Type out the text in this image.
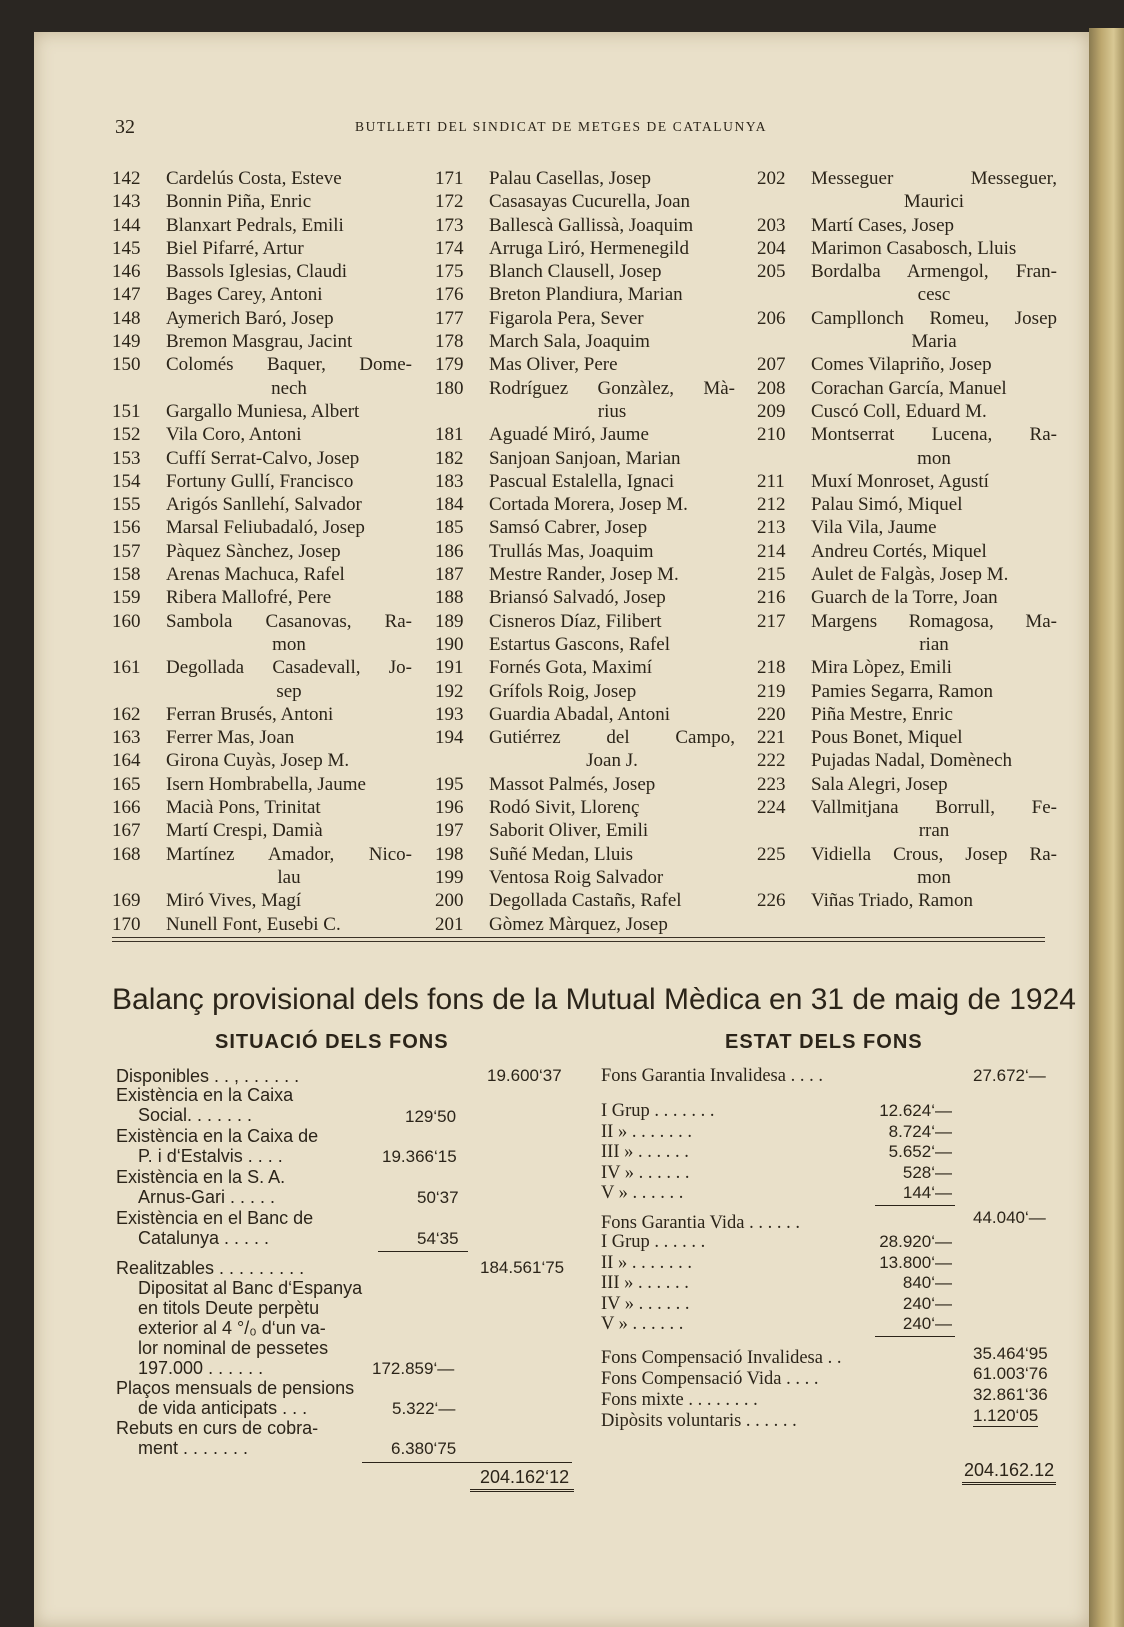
32	BUTLLETI DEL SINDICAT DE METGES DE CATALUNYA
142	Cardelús Costa, Esteve
143	Bonnin Piña, Enric
144	Blanxart Pedrals, Emili
145	Biel Pifarré, Artur
146	Bassols Iglesias, Claudi
147	Bages Carey, Antoni
148	Aymerich Baró, Josep
149	Bremon Masgrau, Jacint
150	Colomés Baquer, Dome-
nech
151	Gargallo Muniesa, Albert
152	Vila Coro, Antoni
153	Cuffí Serrat-Calvo, Josep
154	Fortuny Gullí, Francisco
155	Arigós Sanllehí, Salvador
156	Marsal Feliubadaló, Josep
157	Pàquez Sànchez, Josep
158	Arenas Machuca, Rafel
159	Ribera Mallofré, Pere
160	Sambola Casanovas, Ra-
mon
161	Degollada Casadevall, Jo-
sep
162	Ferran Brusés, Antoni
163	Ferrer Mas, Joan
164	Girona Cuyàs, Josep M.
165	Isern Hombrabella, Jaume
166	Macià Pons, Trinitat
167	Martí Crespi, Damià
168	Martínez Amador, Nico-
lau
169	Miró Vives, Magí
170	Nunell Font, Eusebi C.
171	Palau Casellas, Josep
172	Casasayas Cucurella, Joan
173	Ballescà Gallissà, Joaquim
174	Arruga Liró, Hermenegild
175	Blanch Clausell, Josep
176	Breton Plandiura, Marian
177	Figarola Pera, Sever
178	March Sala, Joaquim
179	Mas Oliver, Pere
180	Rodríguez Gonzàlez, Mà-
rius
181	Aguadé Miró, Jaume
182	Sanjoan Sanjoan, Marian
183	Pascual Estalella, Ignaci
184	Cortada Morera, Josep M.
185	Samsó Cabrer, Josep
186	Trullás Mas, Joaquim
187	Mestre Rander, Josep M.
188	Briansó Salvadó, Josep
189	Cisneros Díaz, Filibert
190	Estartus Gascons, Rafel
191	Fornés Gota, Maximí
192	Grífols Roig, Josep
193	Guardia Abadal, Antoni
194	Gutiérrez del Campo,
Joan J.
195	Massot Palmés, Josep
196	Rodó Sivit, Llorenç
197	Saborit Oliver, Emili
198	Suñé Medan, Lluis
199	Ventosa Roig Salvador
200	Degollada Castañs, Rafel
201	Gòmez Màrquez, Josep
202	Messeguer Messeguer,
Maurici
203	Martí Cases, Josep
204	Marimon Casabosch, Lluis
205	Bordalba Armengol, Fran-
cesc
206	Campllonch Romeu, Josep
Maria
207	Comes Vilapriño, Josep
208	Corachan García, Manuel
209	Cuscó Coll, Eduard M.
210	Montserrat Lucena, Ra-
mon
211	Muxí Monroset, Agustí
212	Palau Simó, Miquel
213	Vila Vila, Jaume
214	Andreu Cortés, Miquel
215	Aulet de Falgàs, Josep M.
216	Guarch de la Torre, Joan
217	Margens Romagosa, Ma-
rian
218	Mira Lòpez, Emili
219	Pamies Segarra, Ramon
220	Piña Mestre, Enric
221	Pous Bonet, Miquel
222	Pujadas Nadal, Domènech
223	Sala Alegri, Josep
224	Vallmitjana Borrull, Fe-
rran
225	Vidiella Crous, Josep Ra-
mon
226	Viñas Triado, Ramon
Balanç provisional dels fons de la Mutual Mèdica en 31 de maig de 1924
SITUACIÓ DELS FONS	ESTAT DELS FONS
Disponibles . . , . . . . . .	19.600‘37
Existència en la Caixa
Social. . . . . . .	129‘50
Existència en la Caixa de
P. i d‘Estalvis . . . .	19.366‘15
Existència en la S. A.
Arnus-Gari . . . . .	50‘37
Existència en el Banc de
Catalunya . . . . .	54‘35
Realitzables . . . . . . . . .	184.561‘75
Dipositat al Banc d‘Espanya
en titols Deute perpètu
exterior al 4 °/₀ d‘un va-
lor nominal de pessetes
197.000 . . . . . .	172.859‘—
Plaços mensuals de pensions
de vida anticipats . . .	5.322‘—
Rebuts en curs de cobra-
ment . . . . . . .	6.380‘75
204.162‘12
Fons Garantia Invalidesa . . . .	27.672‘—
I Grup . . . . . . .	12.624‘—
II » . . . . . . .	8.724‘—
III » . . . . . .	5.652‘—
IV » . . . . . .	528‘—
V » . . . . . .	144‘—
Fons Garantia Vida . . . . . .	44.040‘—
I Grup . . . . . .	28.920‘—
II » . . . . . . .	13.800‘—
III » . . . . . .	840‘—
IV » . . . . . .	240‘—
V » . . . . . .	240‘—
Fons Compensació Invalidesa . .	35.464‘95
Fons Compensació Vida . . . .	61.003‘76
Fons mixte . . . . . . . .	32.861‘36
Dipòsits voluntaris . . . . . .	1.120‘05
204.162.12
